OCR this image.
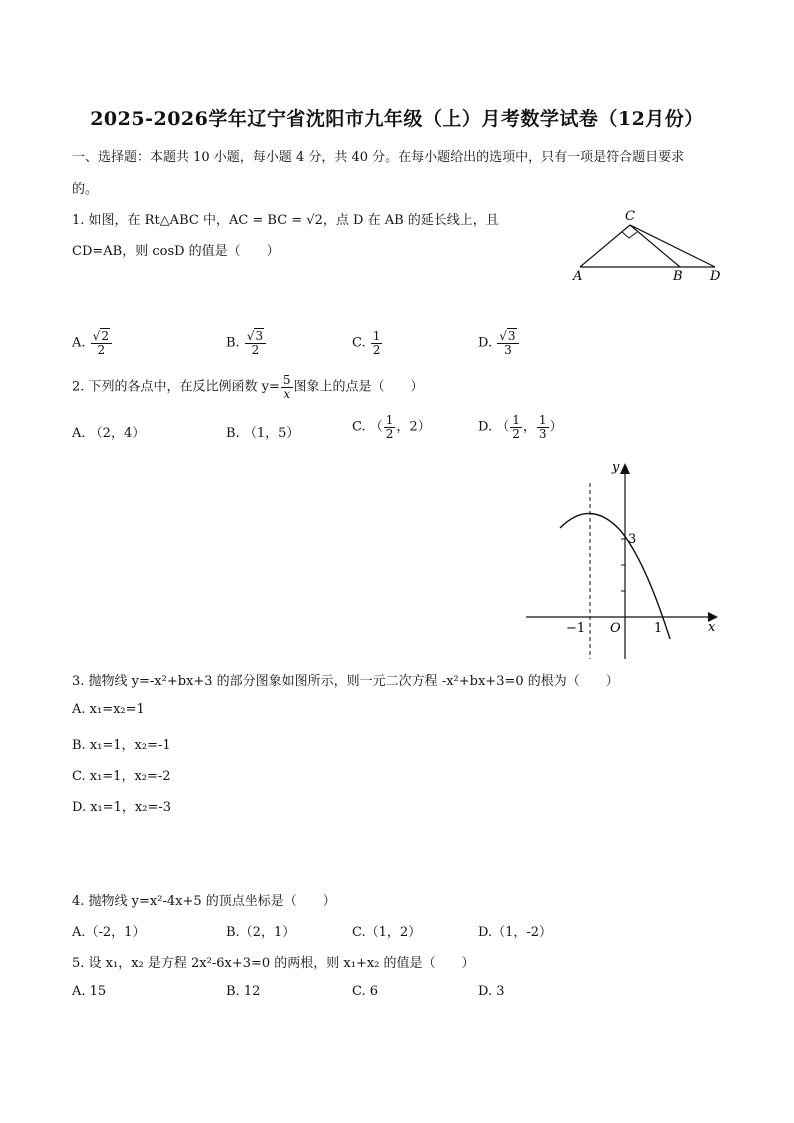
2025-2026学年辽宁省沈阳市九年级（上）月考数学试卷（12月份）
一、选择题：本题共 10 小题，每小题 4 分，共 40 分。在每小题给出的选项中，只有一项是符合题目要求
的。
1. 如图，在 Rt△ABC 中，AC = BC = √2，点 D 在 AB 的延长线上，且
CD=AB，则 cosD 的值是（　　）
C
A	B D
A. $\frac{√2}{2}$	B. $\frac{√3}{2}$	C. $\frac{1}{2}$	D. $\frac{√3}{3}$
2. 下列的各点中，在反比例函数 $y= \frac{5}{x}$ 图象上的点是（　　）
A. （2，4）	B. （1，5）	C. （ $\frac{1}{2}$ ，2）	D. （ $\frac{1}{2}$ ， $\frac{1}{3}$ ）
y
x
3
−1 O	1
3. 抛物线 y=-x²+bx+3 的部分图象如图所示，则一元二次方程 -x²+bx+3=0 的根为（　　）
A. x₁=x₂=1
B. x₁=1，x₂=-1
C. x₁=1，x₂=-2
D. x₁=1，x₂=-3
4. 抛物线 y=x²-4x+5 的顶点坐标是（　　）
A.（-2，1）	B.（2，1）	C.（1，2）	D.（1，-2）
5. 设 x₁，x₂ 是方程 2x²-6x+3=0 的两根，则 x₁+x₂ 的值是（　　）
A. 15	B. 12	C. 6	D. 3
